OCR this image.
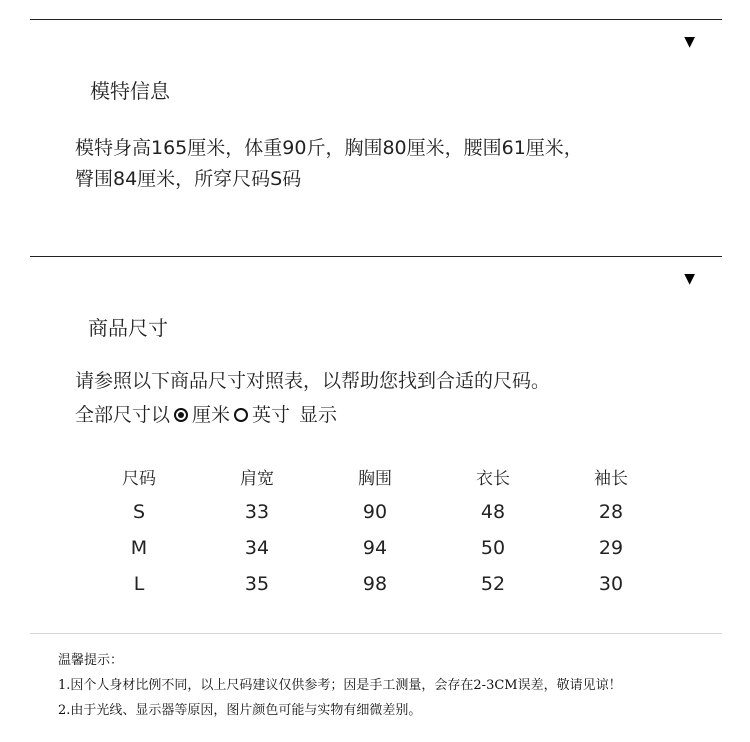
▼
模特信息
模特身高165厘米，体重90斤，胸围80厘米，腰围61厘米，
臀围84厘米，所穿尺码S码
▼
商品尺寸
请参照以下商品尺寸对照表，以帮助您找到合适的尺码。
全部尺寸以 厘米 英寸 显示
尺码	肩宽	胸围	衣长	袖长
S	33	90	48	28
M	34	94	50	29
L	35	98	52	30
温馨提示：
1.因个人身材比例不同，以上尺码建议仅供参考；因是手工测量，会存在2-3CM误差，敬请见谅！
2.由于光线、显示器等原因，图片颜色可能与实物有细微差别。
